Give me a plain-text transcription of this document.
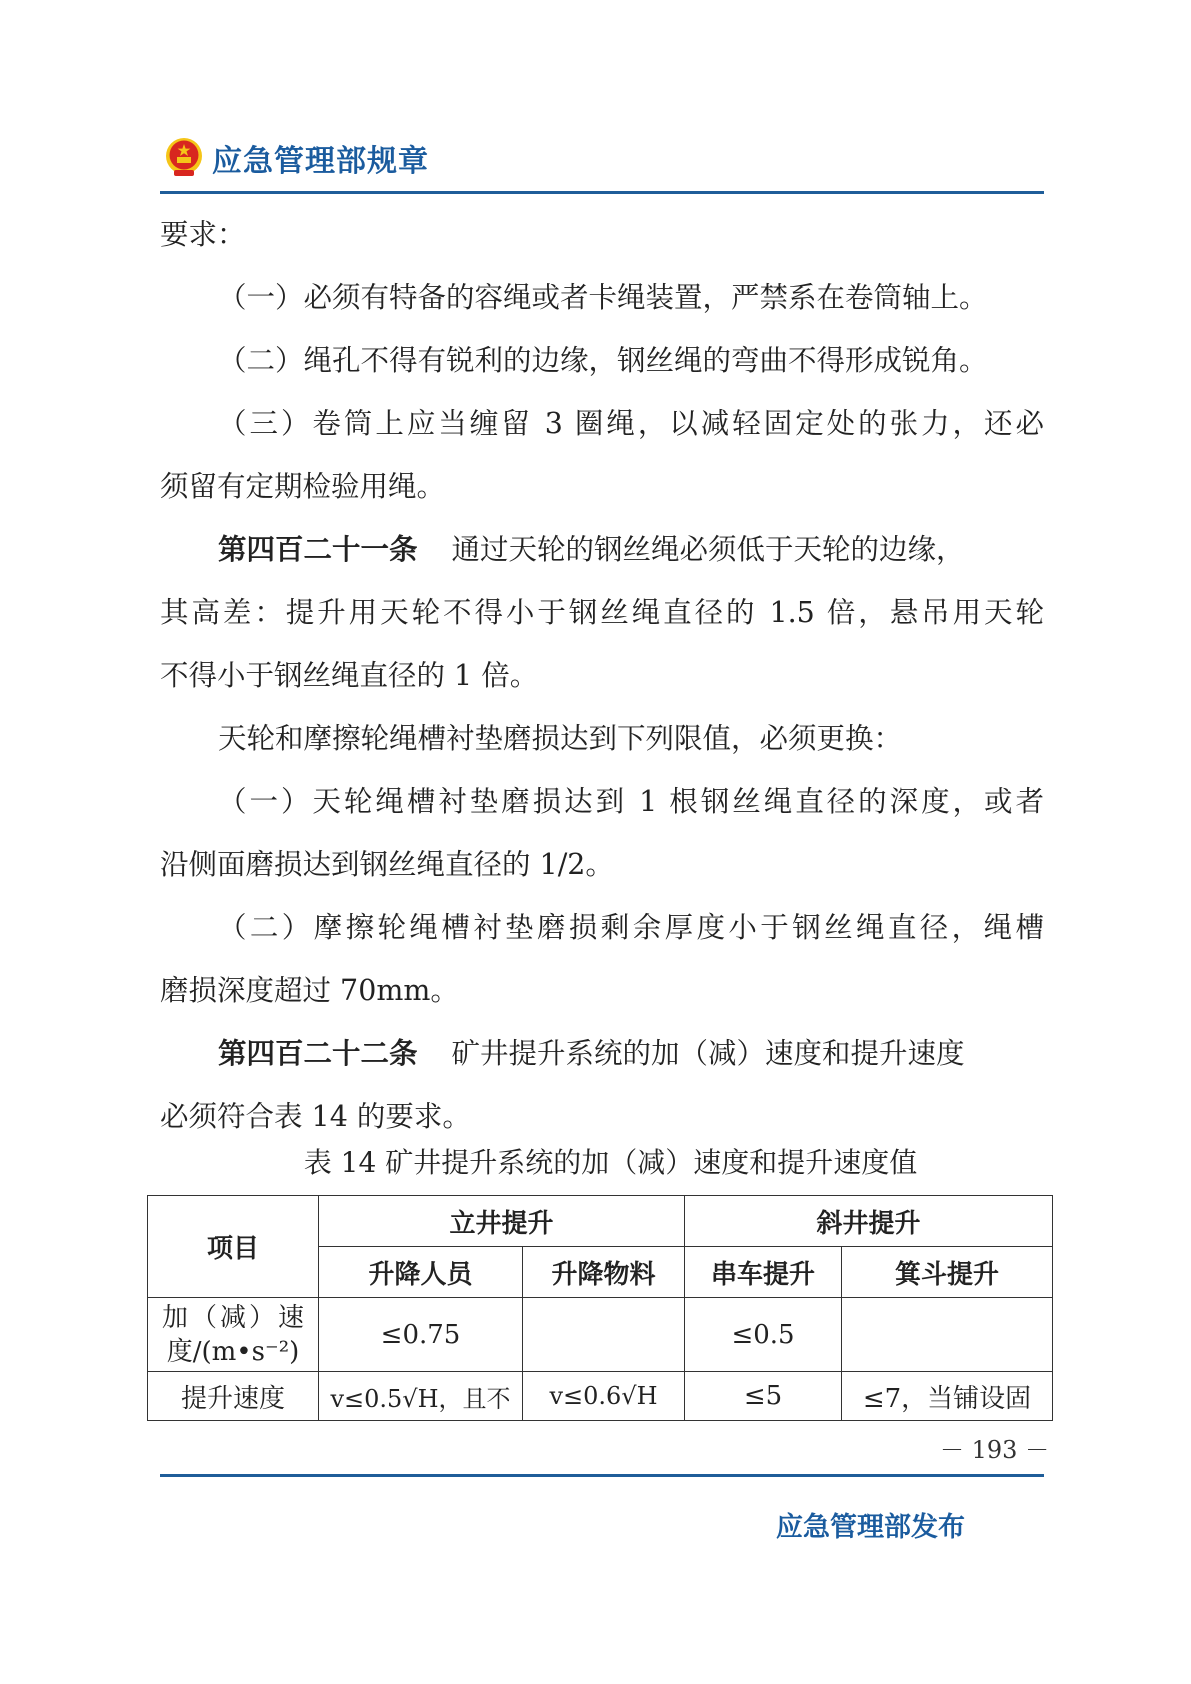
应急管理部规章
要求：
（一）必须有特备的容绳或者卡绳装置，严禁系在卷筒轴上。
（二）绳孔不得有锐利的边缘，钢丝绳的弯曲不得形成锐角。
（三）卷筒上应当缠留 3 圈绳，以减轻固定处的张力，还必
须留有定期检验用绳。
第四百二十一条 通过天轮的钢丝绳必须低于天轮的边缘，
其高差：提升用天轮不得小于钢丝绳直径的 1.5 倍，悬吊用天轮
不得小于钢丝绳直径的 1 倍。
天轮和摩擦轮绳槽衬垫磨损达到下列限值，必须更换：
（一）天轮绳槽衬垫磨损达到 1 根钢丝绳直径的深度，或者
沿侧面磨损达到钢丝绳直径的 1/2。
（二）摩擦轮绳槽衬垫磨损剩余厚度小于钢丝绳直径，绳槽
磨损深度超过 70mm。
第四百二十二条 矿井提升系统的加（减）速度和提升速度
必须符合表 14 的要求。
表 14 矿井提升系统的加（减）速度和提升速度值
项目	立井提升		斜井提升	
	升降人员	升降物料	串车提升	箕斗提升

加（减）速
度/(m•s⁻²)	≤0.75		≤0.5	
提升速度	v≤0.5√H，且不	v≤0.6√H	≤5	≤7，当铺设固
－ 193 －
应急管理部发布
